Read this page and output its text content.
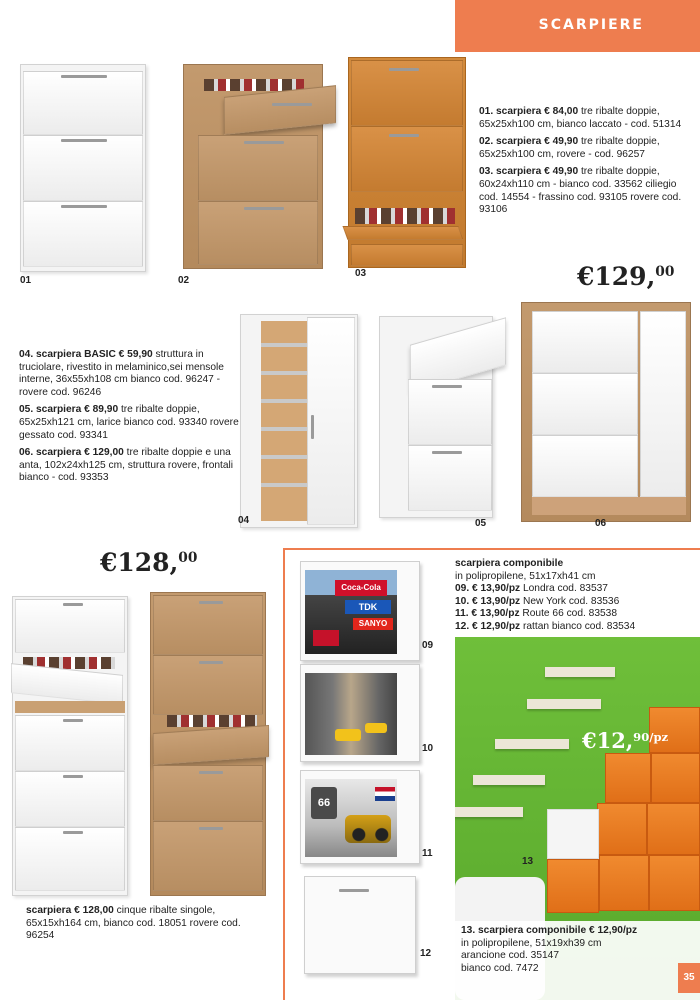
SCARPIERE
01	02
03

01. scarpiera € 84,00 tre ribalte doppie, 65x25xh100 cm, bianco laccato - cod. 51314

02. scarpiera € 49,90 tre ribalte doppie, 65x25xh100 cm, rovere - cod. 96257

03. scarpiera € 49,90 tre ribalte doppie, 60x24xh110 cm - bianco cod. 33562 ciliegio cod. 14554 - frassino cod. 93105 rovere cod. 93106

€129,00

04. scarpiera BASIC € 59,90 struttura in truciolare, rivestito in melaminico,sei mensole interne, 36x55xh108 cm bianco cod. 96247 - rovere cod. 96246

05. scarpiera € 89,90 tre ribalte doppie, 65x25xh121 cm, larice bianco cod. 93340 rovere gessato cod. 93341

06. scarpiera € 129,00 tre ribalte doppie e una anta, 102x24xh125 cm, struttura rovere, frontali bianco - cod. 93353

04	05	06
€128,00

scarpiera € 128,00 cinque ribalte singole, 65x15xh164 cm, bianco cod. 18051 rovere cod. 96254

scarpiera componibile

in polipropilene, 51x17xh41 cm

09. € 13,90/pz Londra cod. 83537

10. € 13,90/pz New York cod. 83536

11. € 13,90/pz Route 66 cod. 83538

12. € 12,90/pz rattan bianco cod. 83534

Coca-Cola
TDK
SANYO
09
10
66
11
12
€12,$^{90/pz}$
13

13. scarpiera componibile € 12,90/pz

in polipropilene, 51x19xh39 cm

arancione cod. 35147

bianco cod. 7472

35
